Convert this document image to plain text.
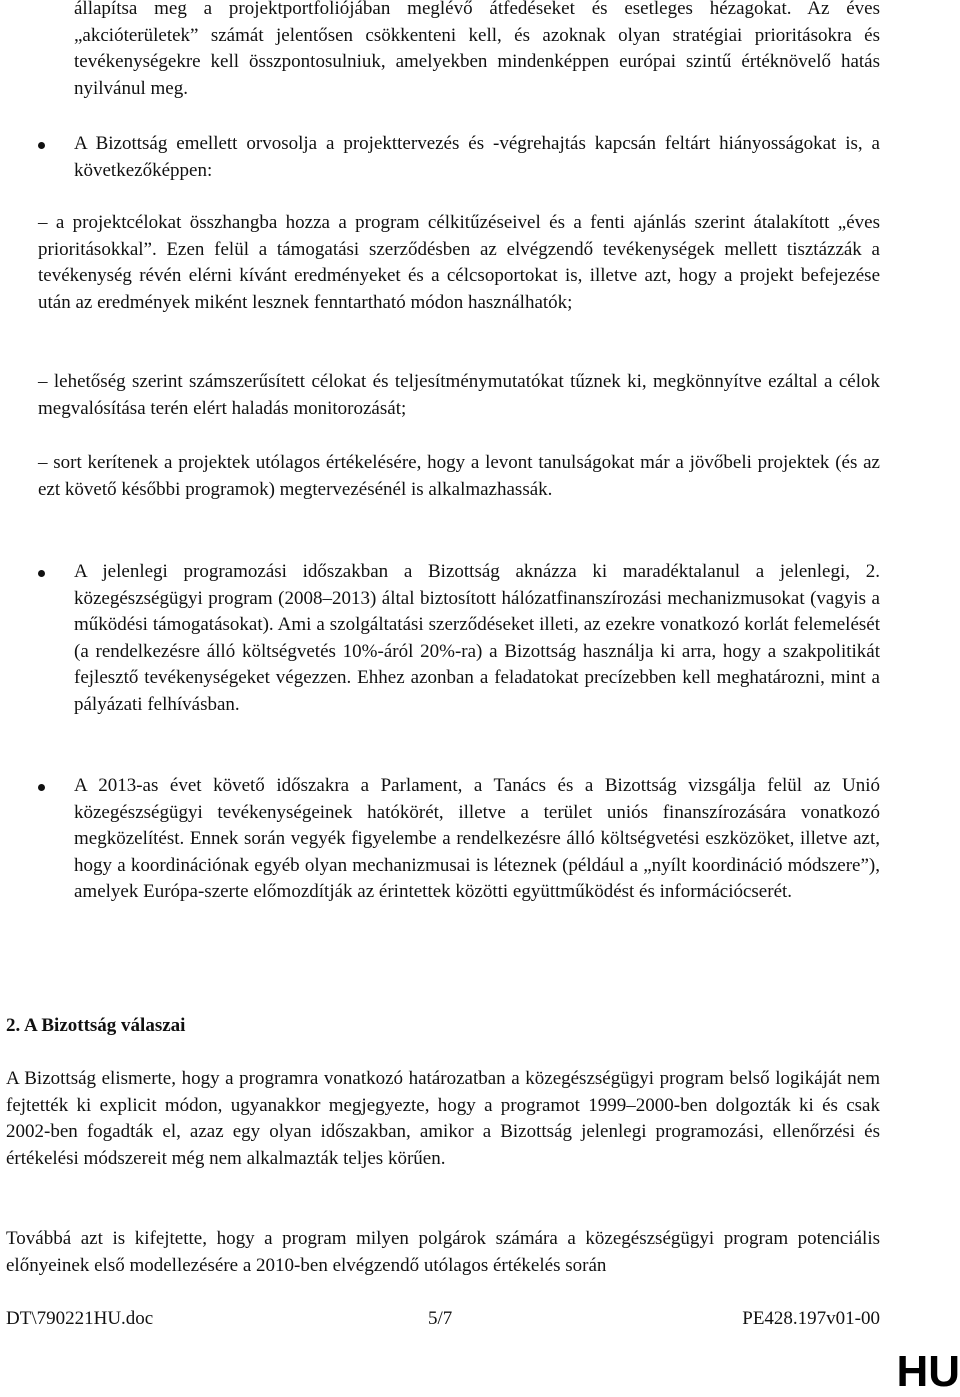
állapítsa meg a projektportfoliójában meglévő átfedéseket és esetleges hézagokat. Az éves „akcióterületek” számát jelentősen csökkenteni kell, és azoknak olyan stratégiai prioritásokra és tevékenységekre kell összpontosulniuk, amelyekben mindenképpen európai szintű értéknövelő hatás nyilvánul meg.

A Bizottság emellett orvosolja a projekttervezés és -végrehajtás kapcsán feltárt hiányosságokat is, a következőképpen:

– a projektcélokat összhangba hozza a program célkitűzéseivel és a fenti ajánlás szerint átalakított „éves prioritásokkal”. Ezen felül a támogatási szerződésben az elvégzendő tevékenységek mellett tisztázzák a tevékenység révén elérni kívánt eredményeket és a célcsoportokat is, illetve azt, hogy a projekt befejezése után az eredmények miként lesznek fenntartható módon használhatók;

– lehetőség szerint számszerűsített célokat és teljesítménymutatókat tűznek ki, megkönnyítve ezáltal a célok megvalósítása terén elért haladás monitorozását;

– sort kerítenek a projektek utólagos értékelésére, hogy a levont tanulságokat már a jövőbeli projektek (és az ezt követő későbbi programok) megtervezésénél is alkalmazhassák.

A jelenlegi programozási időszakban a Bizottság aknázza ki maradéktalanul a jelenlegi, 2. közegészségügyi program (2008–2013) által biztosított hálózatfinanszírozási mechanizmusokat (vagyis a működési támogatásokat). Ami a szolgáltatási szerződéseket illeti, az ezekre vonatkozó korlát felemelését (a rendelkezésre álló költségvetés 10%-áról 20%-ra) a Bizottság használja ki arra, hogy a szakpolitikát fejlesztő tevékenységeket végezzen. Ehhez azonban a feladatokat precízebben kell meghatározni, mint a pályázati felhívásban.

A 2013-as évet követő időszakra a Parlament, a Tanács és a Bizottság vizsgálja felül az Unió közegészségügyi tevékenységeinek hatókörét, illetve a terület uniós finanszírozására vonatkozó megközelítést. Ennek során vegyék figyelembe a rendelkezésre álló költségvetési eszközöket, illetve azt, hogy a koordinációnak egyéb olyan mechanizmusai is léteznek (például a „nyílt koordináció módszere”), amelyek Európa-szerte előmozdítják az érintettek közötti együttműködést és információcserét.

2. A Bizottság válaszai

A Bizottság elismerte, hogy a programra vonatkozó határozatban a közegészségügyi program belső logikáját nem fejtették ki explicit módon, ugyanakkor megjegyezte, hogy a programot 1999–2000-ben dolgozták ki és csak 2002-ben fogadták el, azaz egy olyan időszakban, amikor a Bizottság jelenlegi programozási, ellenőrzési és értékelési módszereit még nem alkalmazták teljes körűen.

Továbbá azt is kifejtette, hogy a program milyen polgárok számára a közegészségügyi program potenciális előnyeinek első modellezésére a 2010-ben elvégzendő utólagos értékelés során

DT\790221HU.doc	5/7	PE428.197v01-00
HU
